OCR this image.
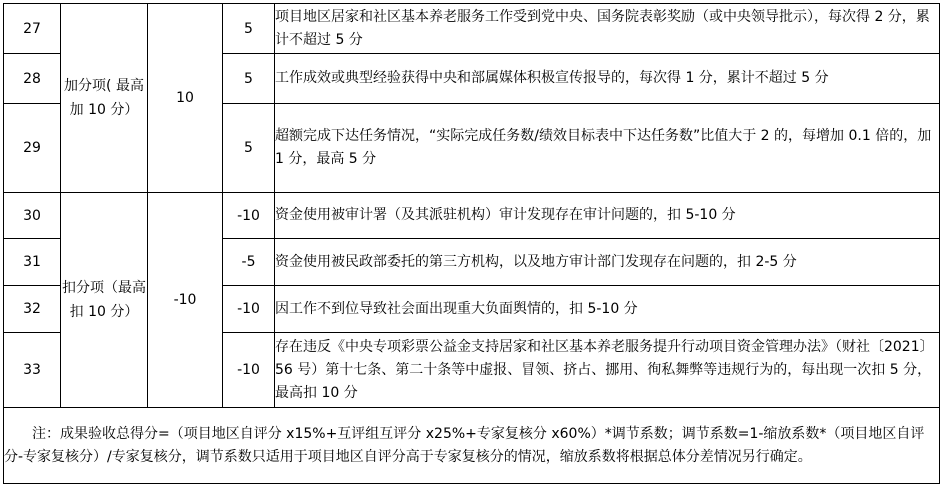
27	加分项( 最高加 10 分）	10	5	项目地区居家和社区基本养老服务工作受到党中央、国务院表彰奖励（或中央领导批示），每次得 2 分，累计不超过 5 分
28			5	工作成效或典型经验获得中央和部属媒体积极宣传报导的，每次得 1 分，累计不超过 5 分
29			5	超额完成下达任务情况，“实际完成任务数/绩效目标表中下达任务数”比值大于 2 的，每增加 0.1 倍的，加 1 分，最高 5 分
30	扣分项（最高扣 10 分）	-10	-10	资金使用被审计署（及其派驻机构）审计发现存在审计问题的，扣 5-10 分
31			-5	资金使用被民政部委托的第三方机构，以及地方审计部门发现存在问题的，扣 2-5 分
32			-10	因工作不到位导致社会面出现重大负面舆情的，扣 5-10 分
33			-10	存在违反《中央专项彩票公益金支持居家和社区基本养老服务提升行动项目资金管理办法》（财社〔2021〕56 号）第十七条、第二十条等中虚报、冒领、挤占、挪用、徇私舞弊等违规行为的，每出现一次扣 5 分，最高扣 10 分
注：成果验收总得分=（项目地区自评分 x15%+互评组互评分 x25%+专家复核分 x60%）*调节系数；调节系数=1-缩放系数*（项目地区自评分-专家复核分）/专家复核分，调节系数只适用于项目地区自评分高于专家复核分的情况，缩放系数将根据总体分差情况另行确定。				
